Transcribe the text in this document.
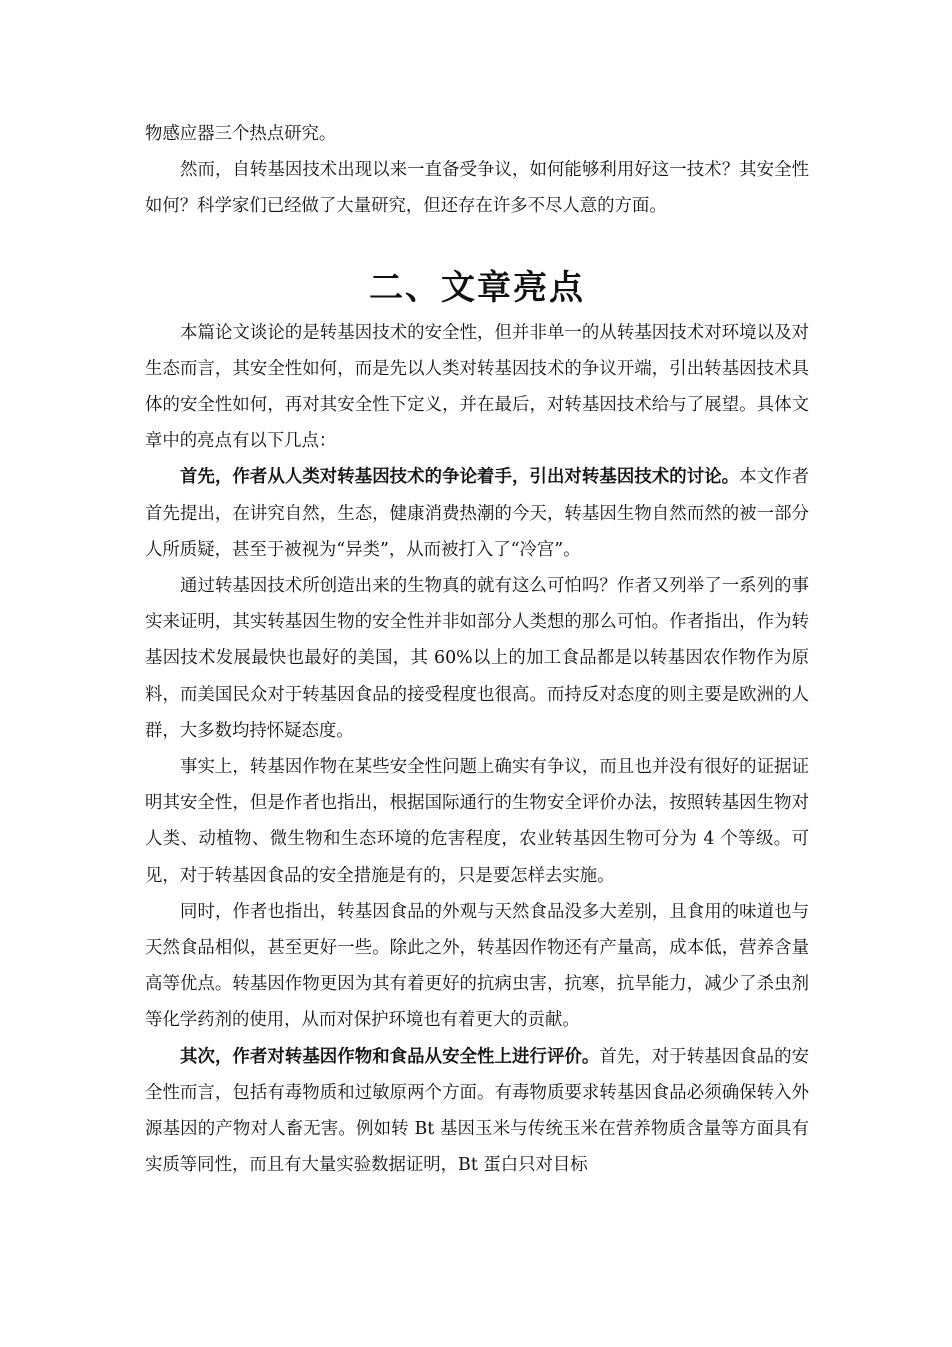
物感应器三个热点研究。

然而，自转基因技术出现以来一直备受争议，如何能够利用好这一技术？其安全性如何？科学家们已经做了大量研究，但还存在许多不尽人意的方面。

二、文章亮点

本篇论文谈论的是转基因技术的安全性，但并非单一的从转基因技术对环境以及对生态而言，其安全性如何，而是先以人类对转基因技术的争议开端，引出转基因技术具体的安全性如何，再对其安全性下定义，并在最后，对转基因技术给与了展望。具体文章中的亮点有以下几点：

首先，作者从人类对转基因技术的争论着手，引出对转基因技术的讨论。本文作者首先提出，在讲究自然，生态，健康消费热潮的今天，转基因生物自然而然的被一部分人所质疑，甚至于被视为“异类”，从而被打入了“冷宫”。

通过转基因技术所创造出来的生物真的就有这么可怕吗？作者又列举了一系列的事实来证明，其实转基因生物的安全性并非如部分人类想的那么可怕。作者指出，作为转基因技术发展最快也最好的美国，其 60%以上的加工食品都是以转基因农作物作为原料，而美国民众对于转基因食品的接受程度也很高。而持反对态度的则主要是欧洲的人群，大多数均持怀疑态度。

事实上，转基因作物在某些安全性问题上确实有争议，而且也并没有很好的证据证明其安全性，但是作者也指出，根据国际通行的生物安全评价办法，按照转基因生物对人类、动植物、微生物和生态环境的危害程度，农业转基因生物可分为 4 个等级。可见，对于转基因食品的安全措施是有的，只是要怎样去实施。

同时，作者也指出，转基因食品的外观与天然食品没多大差别，且食用的味道也与天然食品相似，甚至更好一些。除此之外，转基因作物还有产量高，成本低，营养含量高等优点。转基因作物更因为其有着更好的抗病虫害，抗寒，抗旱能力，减少了杀虫剂等化学药剂的使用，从而对保护环境也有着更大的贡献。

其次，作者对转基因作物和食品从安全性上进行评价。首先，对于转基因食品的安全性而言，包括有毒物质和过敏原两个方面。有毒物质要求转基因食品必须确保转入外源基因的产物对人畜无害。例如转 Bt 基因玉米与传统玉米在营养物质含量等方面具有实质等同性，而且有大量实验数据证明，Bt 蛋白只对目标
